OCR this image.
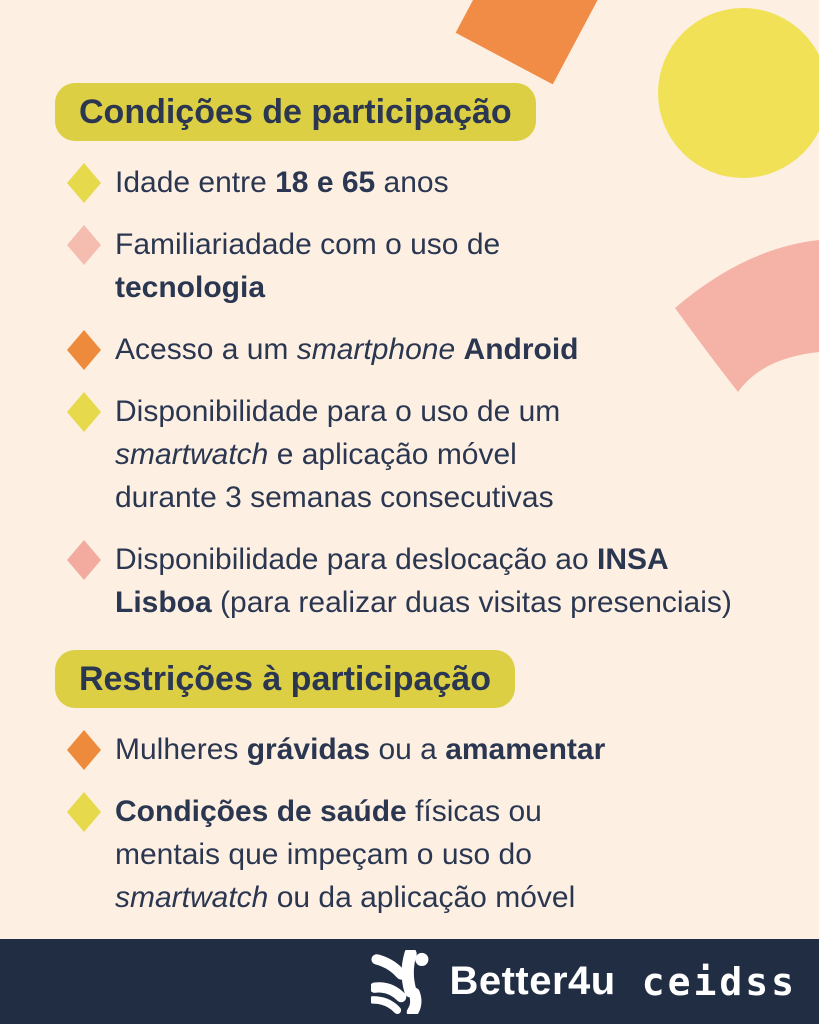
Condições de participação
Idade entre 18 e 65 anos
Familiariadade com o uso de
tecnologia
Acesso a um smartphone Android
Disponibilidade para o uso de um
smartwatch e aplicação móvel
durante 3 semanas consecutivas
Disponibilidade para deslocação ao INSA
Lisboa (para realizar duas visitas presenciais)
Restrições à participação
Mulheres grávidas ou a amamentar
Condições de saúde físicas ou
mentais que impeçam o uso do
smartwatch ou da aplicação móvel
Better4u ceidss
